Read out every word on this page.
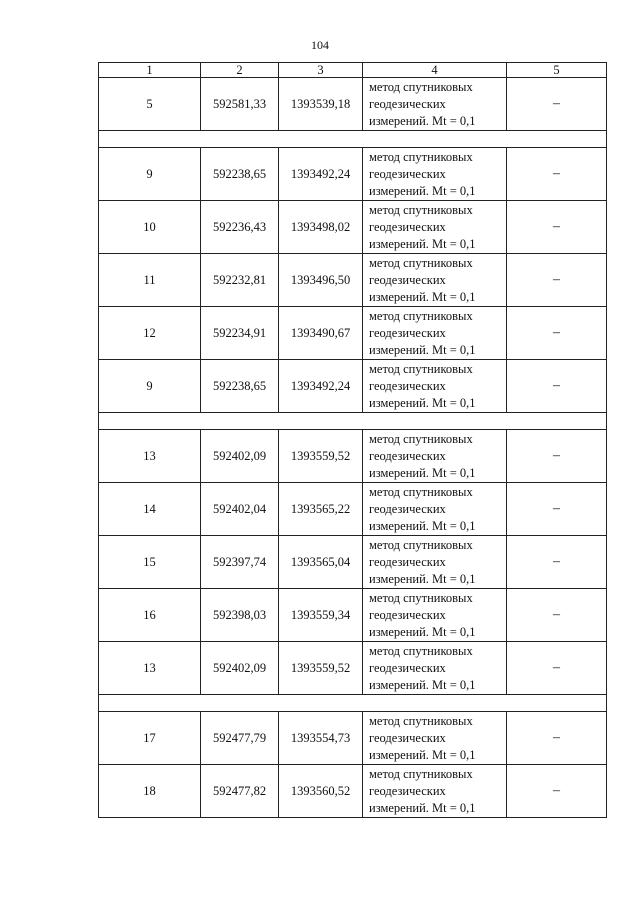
104
1	2	3	4	5
5	592581,33	1393539,18	метод спутниковых
геодезических
измерений. Mt = 0,1	–

9	592238,65	1393492,24	метод спутниковых
геодезических
измерений. Mt = 0,1	–
10	592236,43	1393498,02	метод спутниковых
геодезических
измерений. Mt = 0,1	–
11	592232,81	1393496,50	метод спутниковых
геодезических
измерений. Mt = 0,1	–
12	592234,91	1393490,67	метод спутниковых
геодезических
измерений. Mt = 0,1	–
9	592238,65	1393492,24	метод спутниковых
геодезических
измерений. Mt = 0,1	–

13	592402,09	1393559,52	метод спутниковых
геодезических
измерений. Mt = 0,1	–
14	592402,04	1393565,22	метод спутниковых
геодезических
измерений. Mt = 0,1	–
15	592397,74	1393565,04	метод спутниковых
геодезических
измерений. Mt = 0,1	–
16	592398,03	1393559,34	метод спутниковых
геодезических
измерений. Mt = 0,1	–
13	592402,09	1393559,52	метод спутниковых
геодезических
измерений. Mt = 0,1	–

17	592477,79	1393554,73	метод спутниковых
геодезических
измерений. Mt = 0,1	–
18	592477,82	1393560,52	метод спутниковых
геодезических
измерений. Mt = 0,1	–
